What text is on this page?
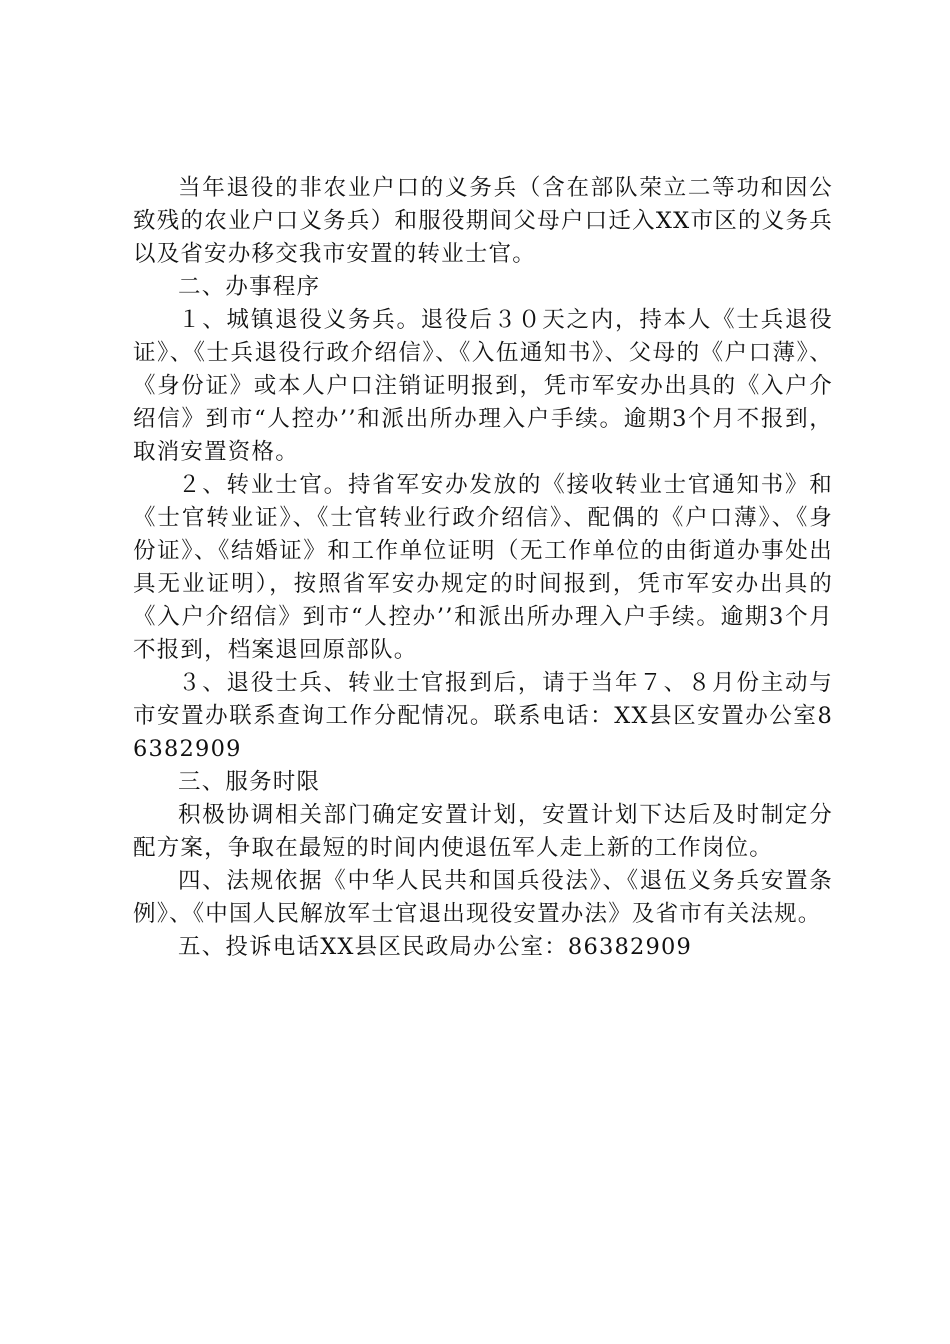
当年退役的非农业户口的义务兵（含在部队荣立二等功和因公致残的农业户口义务兵）和服役期间父母户口迁入XX市区的义务兵以及省安办移交我市安置的转业士官。

二、办事程序

１、城镇退役义务兵。退役后３０天之内，持本人《士兵退役证》、《士兵退役行政介绍信》、《入伍通知书》、父母的《户口薄》、《身份证》或本人户口注销证明报到，凭市军安办出具的《入户介绍信》到市“人控办’’和派出所办理入户手续。逾期3个月不报到，取消安置资格。

２、转业士官。持省军安办发放的《接收转业士官通知书》和《士官转业证》、《士官转业行政介绍信》、配偶的《户口薄》、《身份证》、《结婚证》和工作单位证明（无工作单位的由街道办事处出具无业证明），按照省军安办规定的时间报到，凭市军安办出具的《入户介绍信》到市“人控办’’和派出所办理入户手续。逾期3个月不报到，档案退回原部队。

３、退役士兵、转业士官报到后，请于当年７、８月份主动与市安置办联系查询工作分配情况。联系电话：XX县区安置办公室86382909

三、服务时限

积极协调相关部门确定安置计划，安置计划下达后及时制定分配方案，争取在最短的时间内使退伍军人走上新的工作岗位。

四、法规依据《中华人民共和国兵役法》、《退伍义务兵安置条例》、《中国人民解放军士官退出现役安置办法》及省市有关法规。

五、投诉电话XX县区民政局办公室：86382909
